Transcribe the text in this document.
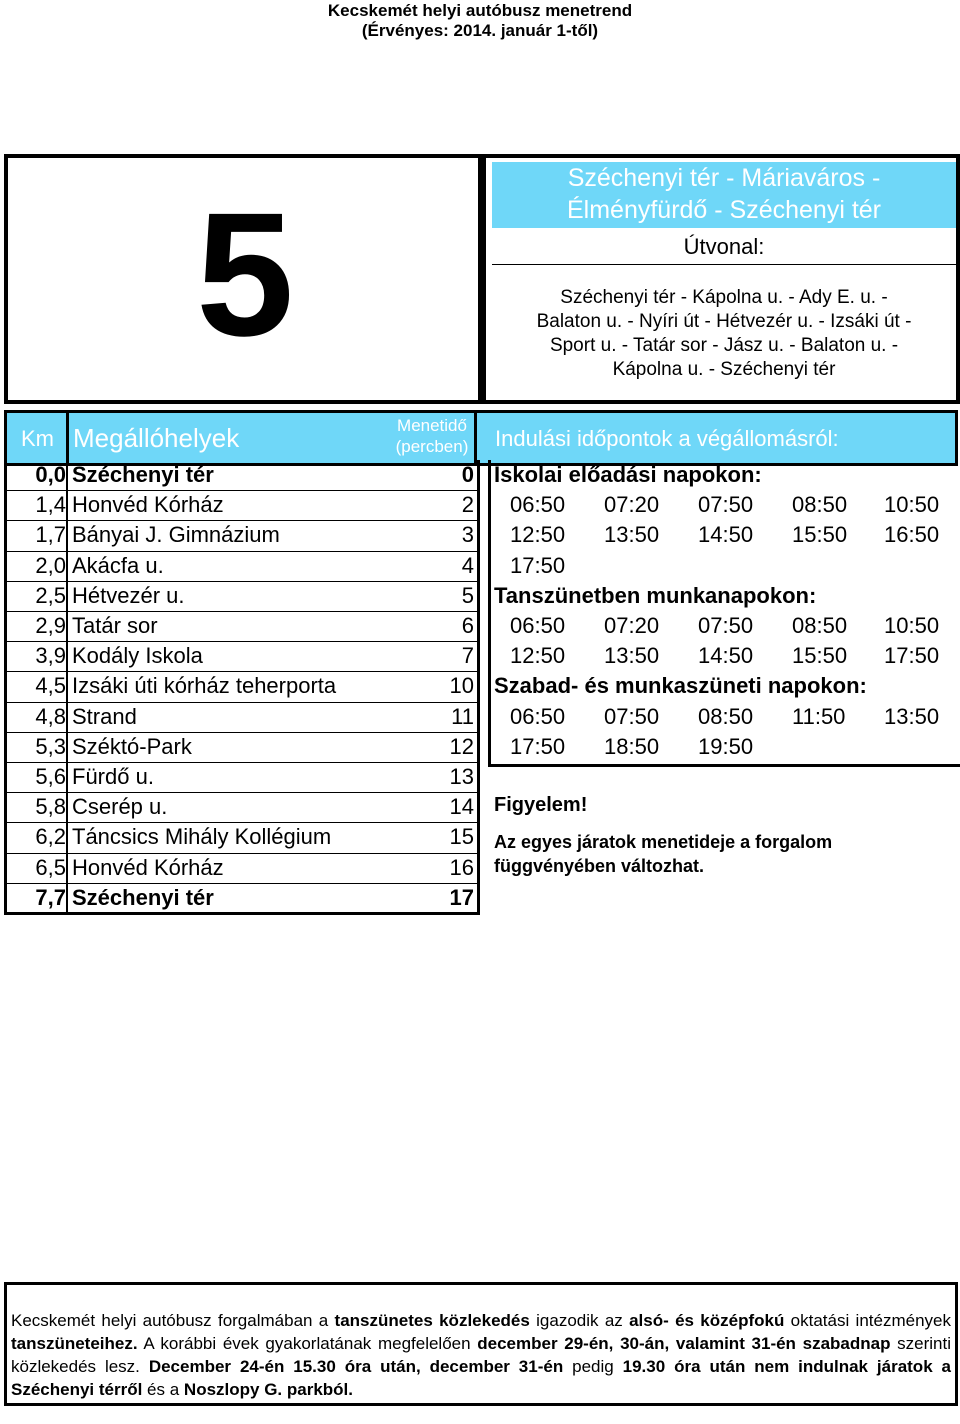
Kecskemét helyi autóbusz menetrend
(Érvényes: 2014. január 1-től)
5	Széchenyi tér - Máriaváros -
Élményfürdő - Széchenyi tér
Útvonal:
Széchenyi tér - Kápolna u. - Ady E. u. -
Balaton u. - Nyíri út - Hétvezér u. - Izsáki út -
Sport u. - Tatár sor - Jász u. - Balaton u. -
Kápolna u. - Széchenyi tér
Km Megállóhelyek	Menetidő
(percben)	Indulási időpontok a végállomásról:
0,0 Széchenyi tér	0
1,4 Honvéd Kórház	2
1,7 Bányai J. Gimnázium	3
2,0 Akácfa u.	4
2,5 Hétvezér u.	5
2,9 Tatár sor	6
3,9 Kodály Iskola	7
4,5 Izsáki úti kórház teherporta	10
4,8 Strand	11
5,3 Széktó-Park	12
5,6 Fürdő u.	13
5,8 Cserép u.	14
6,2 Táncsics Mihály Kollégium	15
6,5 Honvéd Kórház	16
7,7 Széchenyi tér	17
Iskolai előadási napokon:
06:50 07:20 07:50 08:50 10:50
12:50 13:50 14:50 15:50 16:50
17:50
Tanszünetben munkanapokon:
06:50 07:20 07:50 08:50 10:50
12:50 13:50 14:50 15:50 17:50
Szabad- és munkaszüneti napokon:
06:50 07:50 08:50 11:50 13:50
17:50 18:50 19:50
Figyelem!
Az egyes járatok menetideje a forgalom
függvényében változhat.
Kecskemét helyi autóbusz forgalmában a tanszünetes közlekedés igazodik az alsó- és középfokú oktatási intézmények tanszüneteihez. A korábbi évek gyakorlatának megfelelően december 29-én, 30-án, valamint 31-én szabadnap szerinti közlekedés lesz. December 24-én 15.30 óra után, december 31-én pedig 19.30 óra után nem indulnak járatok a Széchenyi térről és a Noszlopy G. parkból.
